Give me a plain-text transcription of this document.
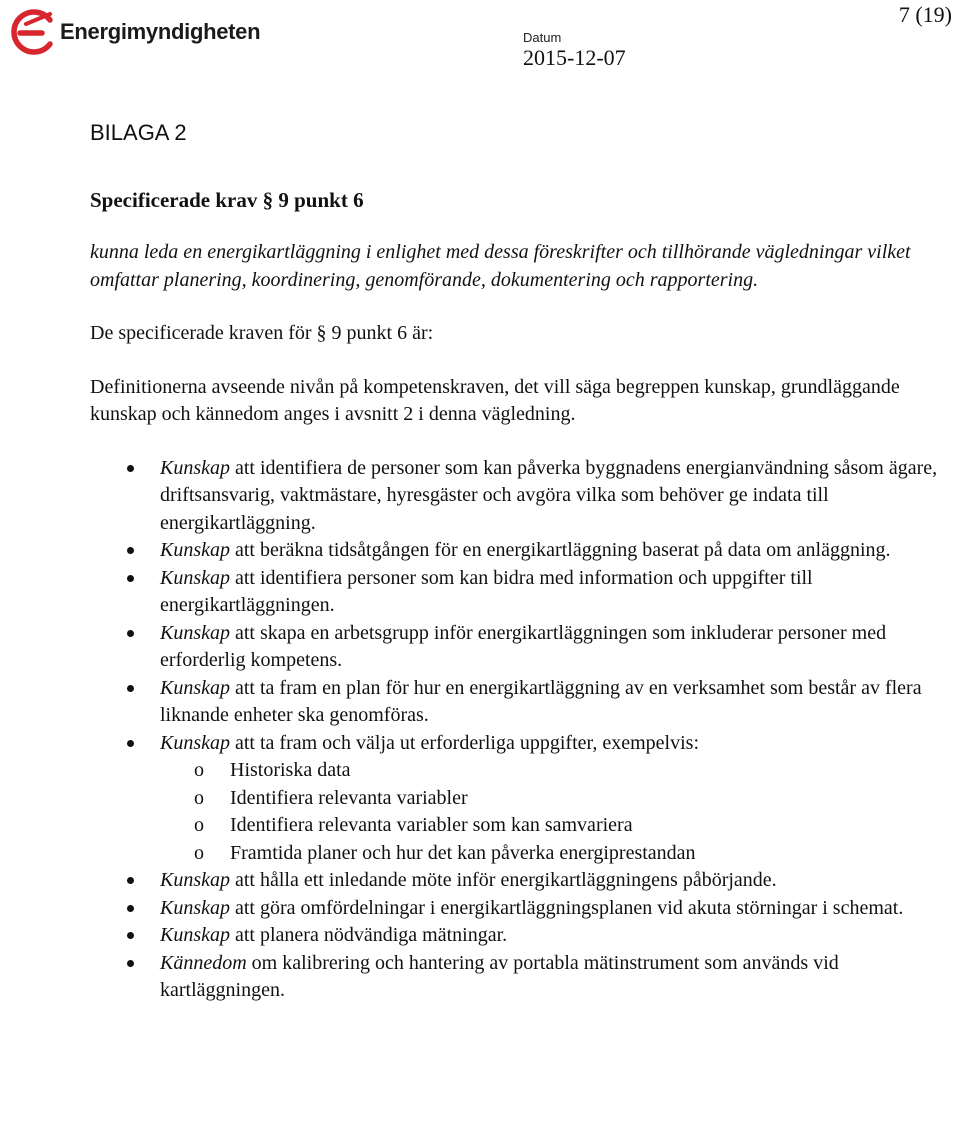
Energimyndigheten	Datum
2015-12-07
7 (19)
BILAGA 2
Specificerade krav § 9 punkt 6

kunna leda en energikartläggning i enlighet med dessa föreskrifter och tillhörande vägledningar vilket omfattar planering, koordinering, genomförande, dokumentering och rapportering.

De specificerade kraven för § 9 punkt 6 är:

Definitionerna avseende nivån på kompetenskraven, det vill säga begreppen kunskap, grundläggande kunskap och kännedom anges i avsnitt 2 i denna vägledning.

Kunskap att identifiera de personer som kan påverka byggnadens energianvändning såsom ägare, driftsansvarig, vaktmästare, hyresgäster och avgöra vilka som behöver ge indata till energikartläggning.
Kunskap att beräkna tidsåtgången för en energikartläggning baserat på data om anläggning.
Kunskap att identifiera personer som kan bidra med information och uppgifter till energikartläggningen.
Kunskap att skapa en arbetsgrupp inför energikartläggningen som inkluderar personer med erforderlig kompetens.
Kunskap att ta fram en plan för hur en energikartläggning av en verksamhet som består av flera liknande enheter ska genomföras.
Kunskap att ta fram och välja ut erforderliga uppgifter, exempelvis:
o Historiska data
o Identifiera relevanta variabler
o Identifiera relevanta variabler som kan samvariera
o Framtida planer och hur det kan påverka energiprestandan
Kunskap att hålla ett inledande möte inför energikartläggningens påbörjande.
Kunskap att göra omfördelningar i energikartläggningsplanen vid akuta störningar i schemat.
Kunskap att planera nödvändiga mätningar.
Kännedom om kalibrering och hantering av portabla mätinstrument som används vid kartläggningen.
